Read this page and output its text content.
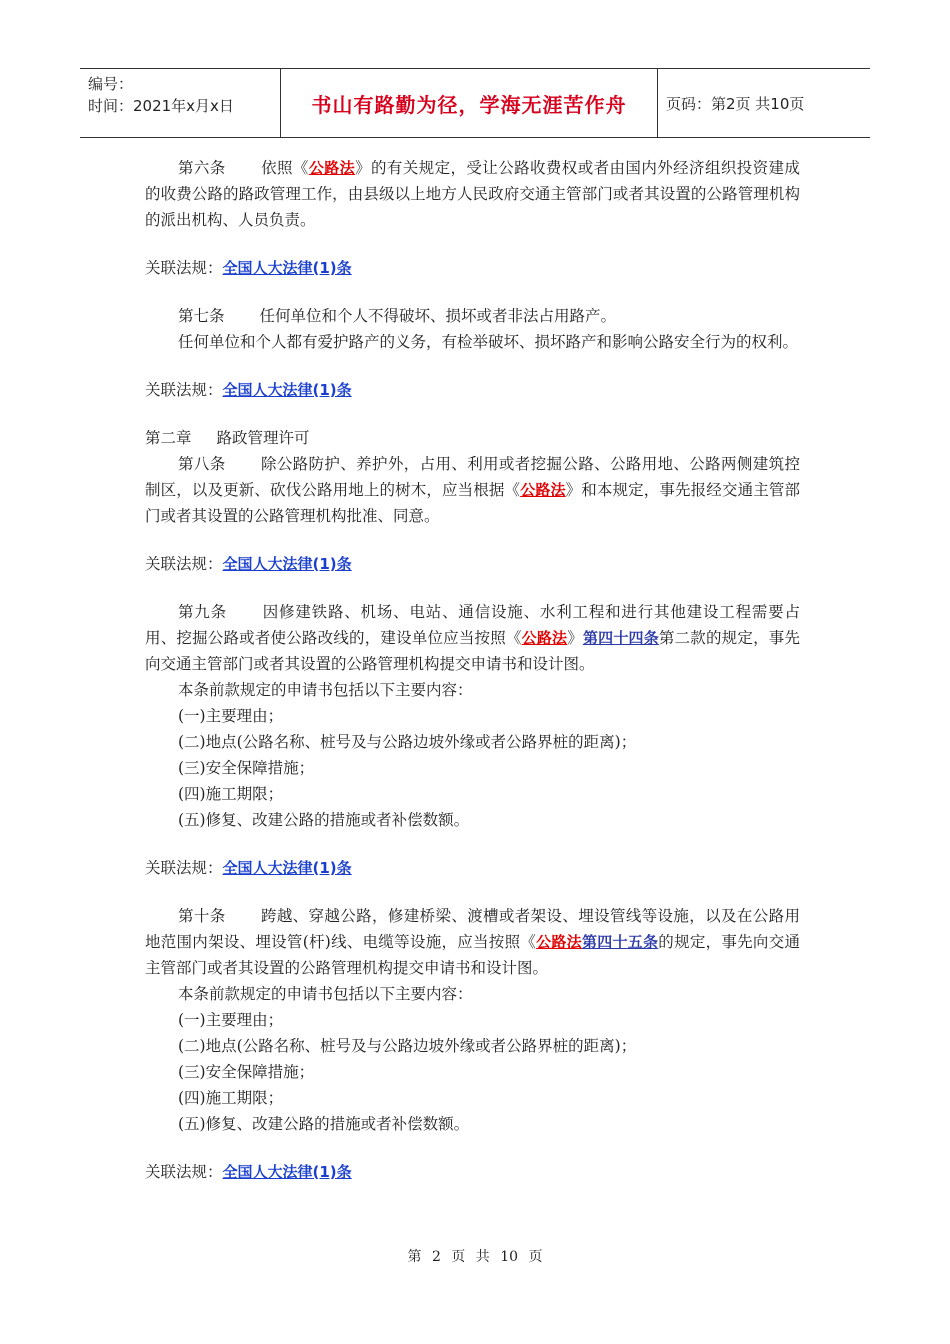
编号：
时间：2021年x月x日	书山有路勤为径，学海无涯苦作舟	页码：第2页 共10页

第六条 依照《公路法》的有关规定，受让公路收费权或者由国内外经济组织投资建成的收费公路的路政管理工作，由县级以上地方人民政府交通主管部门或者其设置的公路管理机构的派出机构、人员负责。

关联法规：全国人大法律(1)条

第七条 任何单位和个人不得破坏、损坏或者非法占用路产。

任何单位和个人都有爱护路产的义务，有检举破坏、损坏路产和影响公路安全行为的权利。

关联法规：全国人大法律(1)条

第二章 路政管理许可

第八条 除公路防护、养护外，占用、利用或者挖掘公路、公路用地、公路两侧建筑控制区，以及更新、砍伐公路用地上的树木，应当根据《公路法》和本规定，事先报经交通主管部门或者其设置的公路管理机构批准、同意。

关联法规：全国人大法律(1)条

第九条 因修建铁路、机场、电站、通信设施、水利工程和进行其他建设工程需要占用、挖掘公路或者使公路改线的，建设单位应当按照《公路法》第四十四条第二款的规定，事先向交通主管部门或者其设置的公路管理机构提交申请书和设计图。

本条前款规定的申请书包括以下主要内容：

(一)主要理由；

(二)地点(公路名称、桩号及与公路边坡外缘或者公路界桩的距离)；

(三)安全保障措施；

(四)施工期限；

(五)修复、改建公路的措施或者补偿数额。

关联法规：全国人大法律(1)条

第十条 跨越、穿越公路，修建桥梁、渡槽或者架设、埋设管线等设施，以及在公路用地范围内架设、埋设管(杆)线、电缆等设施，应当按照《公路法第四十五条的规定，事先向交通主管部门或者其设置的公路管理机构提交申请书和设计图。

本条前款规定的申请书包括以下主要内容：

(一)主要理由；

(二)地点(公路名称、桩号及与公路边坡外缘或者公路界桩的距离)；

(三)安全保障措施；

(四)施工期限；

(五)修复、改建公路的措施或者补偿数额。

关联法规：全国人大法律(1)条

第 2 页 共 10 页
